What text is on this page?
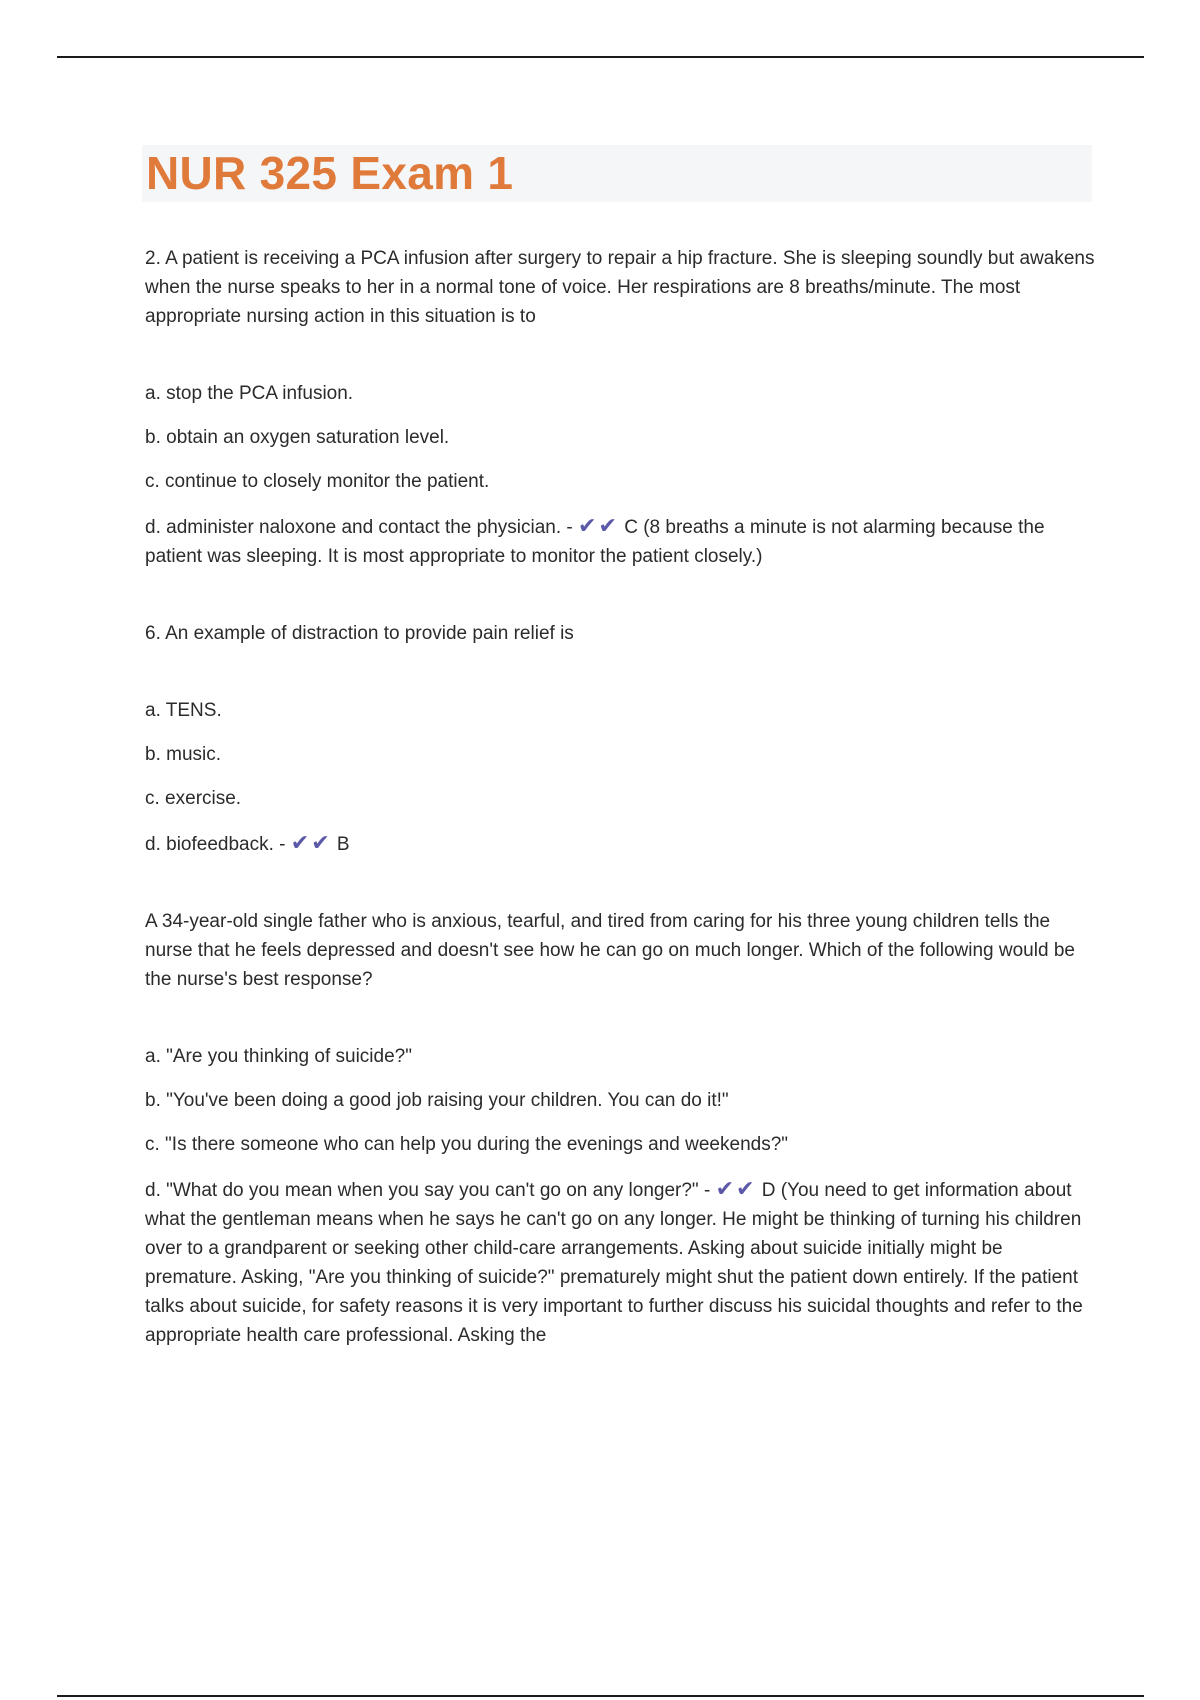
NUR 325 Exam 1

2. A patient is receiving a PCA infusion after surgery to repair a hip fracture. She is sleeping soundly but awakens when the nurse speaks to her in a normal tone of voice. Her respirations are 8 breaths/minute. The most appropriate nursing action in this situation is to

a. stop the PCA infusion.

b. obtain an oxygen saturation level.

c. continue to closely monitor the patient.

d. administer naloxone and contact the physician. - ✔✔ C (8 breaths a minute is not alarming because the patient was sleeping. It is most appropriate to monitor the patient closely.)

6. An example of distraction to provide pain relief is

a. TENS.

b. music.

c. exercise.

d. biofeedback. - ✔✔ B

A 34-year-old single father who is anxious, tearful, and tired from caring for his three young children tells the nurse that he feels depressed and doesn't see how he can go on much longer. Which of the following would be the nurse's best response?

a. "Are you thinking of suicide?"

b. "You've been doing a good job raising your children. You can do it!"

c. "Is there someone who can help you during the evenings and weekends?"

d. "What do you mean when you say you can't go on any longer?" - ✔✔ D (You need to get information about what the gentleman means when he says he can't go on any longer. He might be thinking of turning his children over to a grandparent or seeking other child-care arrangements. Asking about suicide initially might be premature. Asking, "Are you thinking of suicide?" prematurely might shut the patient down entirely. If the patient talks about suicide, for safety reasons it is very important to further discuss his suicidal thoughts and refer to the appropriate health care professional. Asking the
